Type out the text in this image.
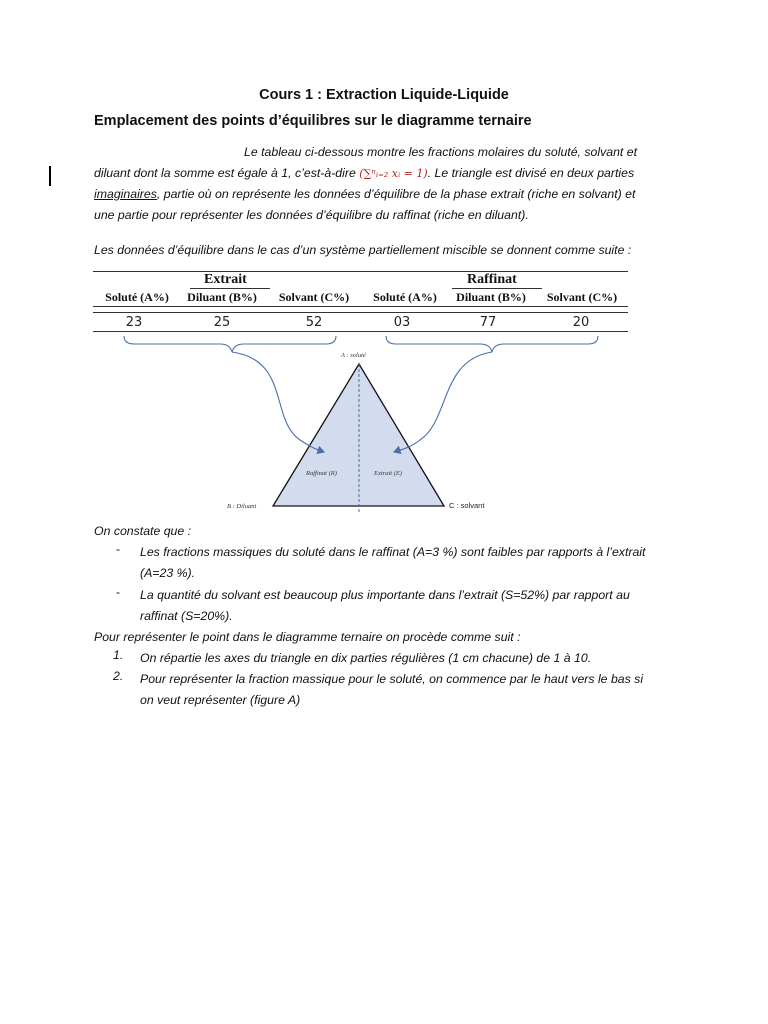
Cours 1 : Extraction Liquide-Liquide
Emplacement des points d’équilibres sur le diagramme ternaire
Le tableau ci-dessous montre les fractions molaires du soluté, solvant et
diluant dont la somme est égale à 1, c’est-à-dire (∑ⁿᵢ₌₂ xᵢ = 1). Le triangle est divisé en deux parties
imaginaires, partie où on représente les données d’équilibre de la phase extrait (riche en solvant) et
une partie pour représenter les données d’équilibre du raffinat (riche en diluant).
Les données d’équilibre dans le cas d’un système partiellement miscible se donnent comme suite :
Extrait	Raffinat
Soluté (A%)	Diluant (B%)	Solvant (C%)	Soluté (A%)	Diluant (B%)	Solvant (C%)
23	25	52	03	77	20
A : soluté
B : Diluant	C : solvant
Raffinat (R)	Extrait (E)
On constate que :
- Les fractions massiques du soluté dans le raffinat (A=3 %) sont faibles par rapports à l’extrait
(A=23 %).
- La quantité du solvant est beaucoup plus importante dans l’extrait (S=52%) par rapport au
raffinat (S=20%).
Pour représenter le point dans le diagramme ternaire on procède comme suit :
1. On répartie les axes du triangle en dix parties régulières (1 cm chacune) de 1 à 10.
2. Pour représenter la fraction massique pour le soluté, on commence par le haut vers le bas si
on veut représenter (figure A)
